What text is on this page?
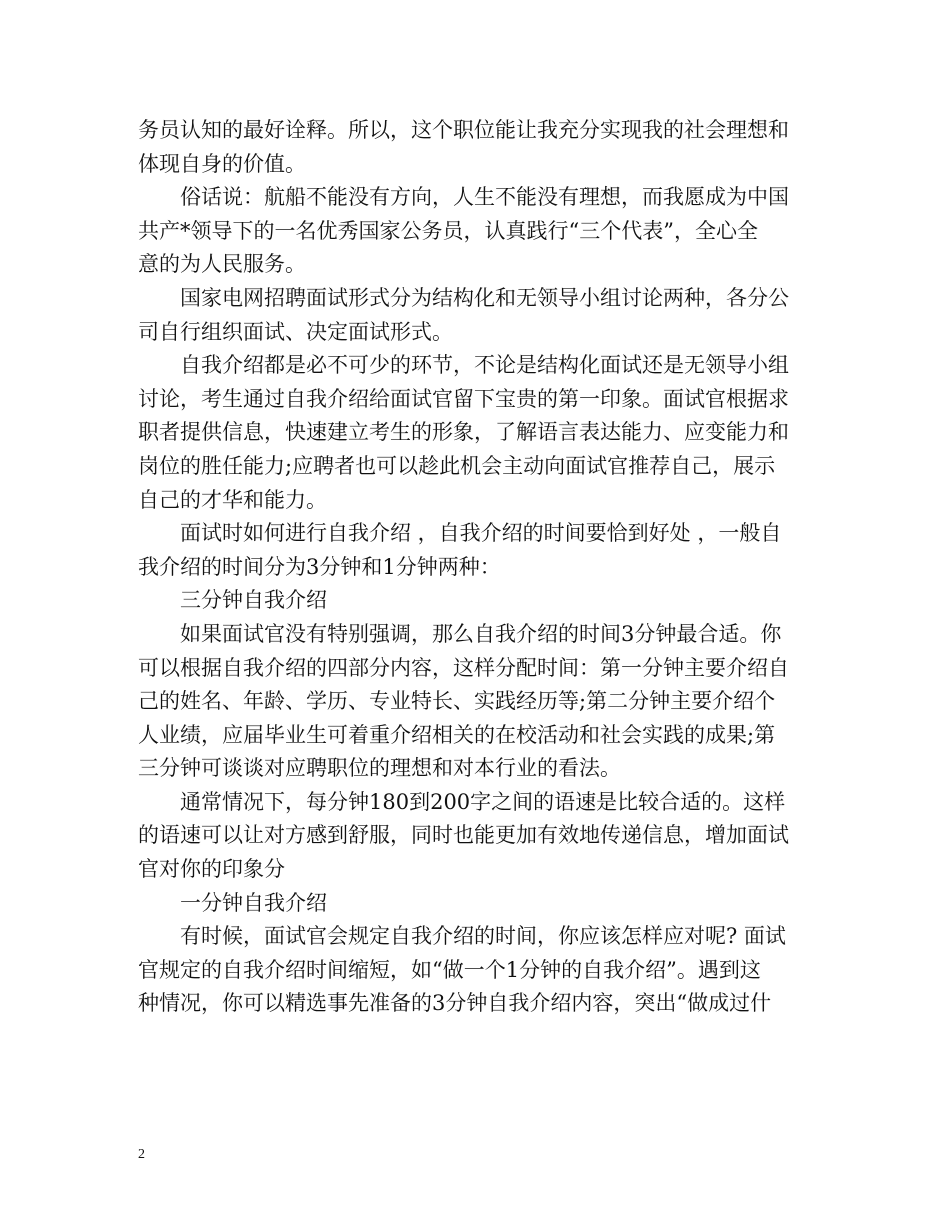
务员认知的最好诠释。所以，这个职位能让我充分实现我的社会理想和
体现自身的价值。
　　俗话说：航船不能没有方向，人生不能没有理想，而我愿成为中国
共产*领导下的一名优秀国家公务员，认真践行“三个代表”，全心全
意的为人民服务。
　　国家电网招聘面试形式分为结构化和无领导小组讨论两种，各分公
司自行组织面试、决定面试形式。
　　自我介绍都是必不可少的环节，不论是结构化面试还是无领导小组
讨论，考生通过自我介绍给面试官留下宝贵的第一印象。面试官根据求
职者提供信息，快速建立考生的形象，了解语言表达能力、应变能力和
岗位的胜任能力;应聘者也可以趁此机会主动向面试官推荐自己，展示
自己的才华和能力。
　　面试时如何进行自我介绍 ，自我介绍的时间要恰到好处 ，一般自
我介绍的时间分为3分钟和1分钟两种：
　　三分钟自我介绍
　　如果面试官没有特别强调，那么自我介绍的时间3分钟最合适。你
可以根据自我介绍的四部分内容，这样分配时间：第一分钟主要介绍自
己的姓名、年龄、学历、专业特长、实践经历等;第二分钟主要介绍个
人业绩，应届毕业生可着重介绍相关的在校活动和社会实践的成果;第
三分钟可谈谈对应聘职位的理想和对本行业的看法。
　　通常情况下，每分钟180到200字之间的语速是比较合适的。这样
的语速可以让对方感到舒服，同时也能更加有效地传递信息，增加面试
官对你的印象分
　　一分钟自我介绍
　　有时候，面试官会规定自我介绍的时间，你应该怎样应对呢? 面试
官规定的自我介绍时间缩短，如“做一个1分钟的自我介绍”。遇到这
种情况，你可以精选事先准备的3分钟自我介绍内容，突出“做成过什
2
